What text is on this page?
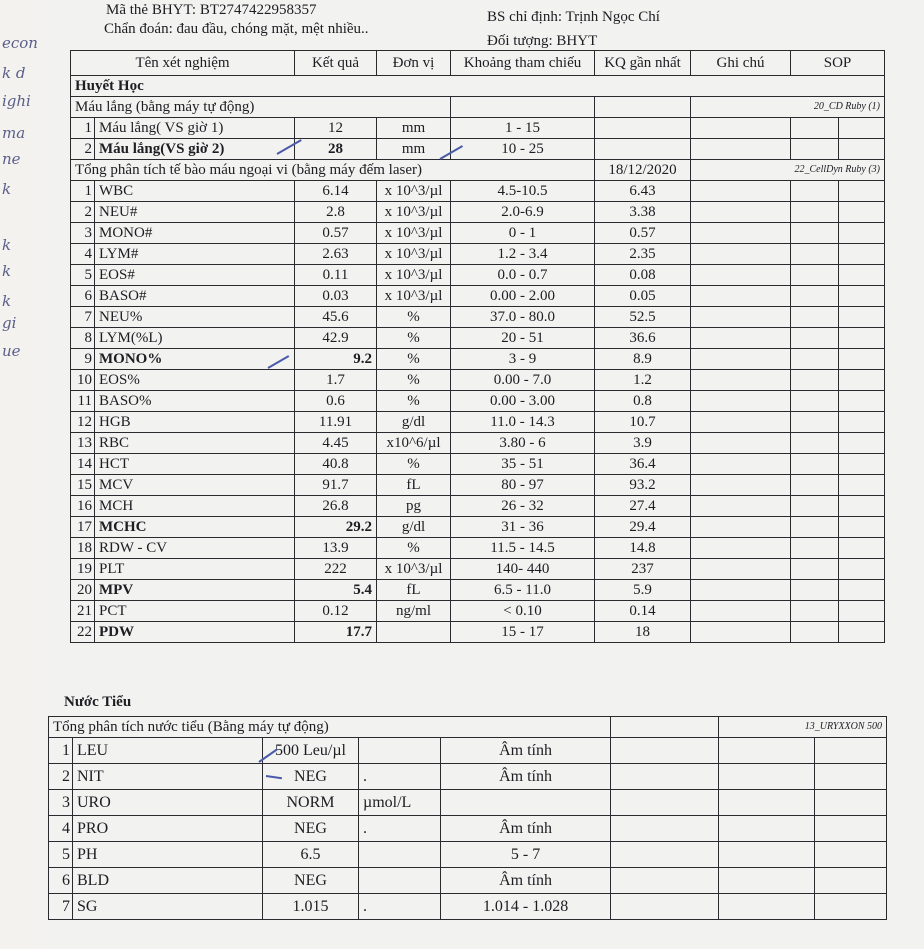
econ
k d
ighi
ma
ne
k
k
k
k
gi
ue
Mã thẻ BHYT: BT2747422958357
Chẩn đoán: đau đầu, chóng mặt, mệt nhiều..
BS chỉ định: Trịnh Ngọc Chí
Đối tượng: BHYT
Tên xét nghiệm		Kết quả	Đơn vị	Khoảng tham chiếu	KQ gần nhất	Ghi chú	SOP	
Huyết Học								
Máu lắng (bằng máy tự động)						20_CD Ruby (1)		
1	Máu lắng( VS giờ 1)	12	mm	1 - 15				
2	Máu lắng(VS giờ 2)	28	mm	10 - 25				
Tổng phân tích tế bào máu ngoại vi (bằng máy đếm laser)					18/12/2020	22_CellDyn Ruby (3)		
1	WBC	6.14	x 10^3/µl	4.5-10.5	6.43			
2	NEU#	2.8	x 10^3/µl	2.0-6.9	3.38			
3	MONO#	0.57	x 10^3/µl	0 - 1	0.57			
4	LYM#	2.63	x 10^3/µl	1.2 - 3.4	2.35			
5	EOS#	0.11	x 10^3/µl	0.0 - 0.7	0.08			
6	BASO#	0.03	x 10^3/µl	0.00 - 2.00	0.05			
7	NEU%	45.6	%	37.0 - 80.0	52.5			
8	LYM(%L)	42.9	%	20 - 51	36.6			
9	MONO%	9.2	%	3 - 9	8.9			
10	EOS%	1.7	%	0.00 - 7.0	1.2			
11	BASO%	0.6	%	0.00 - 3.00	0.8			
12	HGB	11.91	g/dl	11.0 - 14.3	10.7			
13	RBC	4.45	x10^6/µl	3.80 - 6	3.9			
14	HCT	40.8	%	35 - 51	36.4			
15	MCV	91.7	fL	80 - 97	93.2			
16	MCH	26.8	pg	26 - 32	27.4			
17	MCHC	29.2	g/dl	31 - 36	29.4			
18	RDW - CV	13.9	%	11.5 - 14.5	14.8			
19	PLT	222	x 10^3/µl	140- 440	237			
20	MPV	5.4	fL	6.5 - 11.0	5.9			
21	PCT	0.12	ng/ml	< 0.10	0.14			
22	PDW	17.7		15 - 17	18			
Nước Tiểu
Tổng phân tích nước tiểu (Bằng máy tự động)						13_URYXXON 500	
1	LEU	500 Leu/µl		Âm tính			
2	NIT	NEG	.	Âm tính			
3	URO	NORM	µmol/L				
4	PRO	NEG	.	Âm tính			
5	PH	6.5		5 - 7			
6	BLD	NEG		Âm tính			
7	SG	1.015	.	1.014 - 1.028			
